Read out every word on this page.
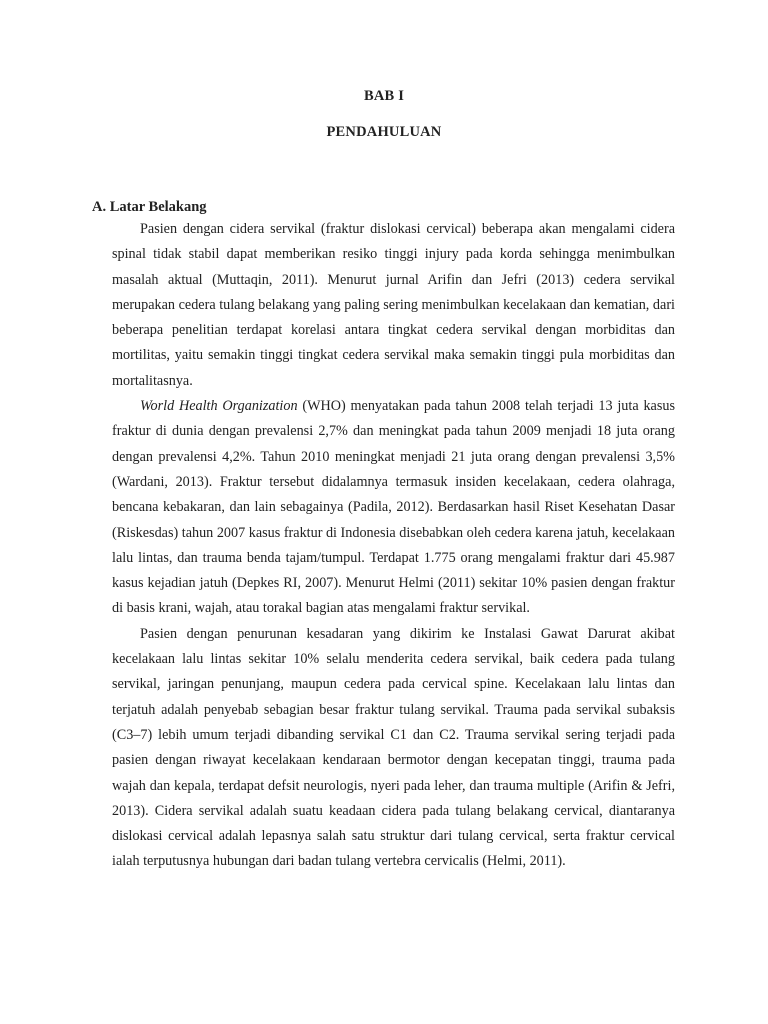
BAB I
PENDAHULUAN
A. Latar Belakang

Pasien dengan cidera servikal (fraktur dislokasi cervical) beberapa akan mengalami cidera spinal tidak stabil dapat memberikan resiko tinggi injury pada korda sehingga menimbulkan masalah aktual (Muttaqin, 2011). Menurut jurnal Arifin dan Jefri (2013) cedera servikal merupakan cedera tulang belakang yang paling sering menimbulkan kecelakaan dan kematian, dari beberapa penelitian terdapat korelasi antara tingkat cedera servikal dengan morbiditas dan mortilitas, yaitu semakin tinggi tingkat cedera servikal maka semakin tinggi pula morbiditas dan mortalitasnya.

World Health Organization (WHO) menyatakan pada tahun 2008 telah terjadi 13 juta kasus fraktur di dunia dengan prevalensi 2,7% dan meningkat pada tahun 2009 menjadi 18 juta orang dengan prevalensi 4,2%. Tahun 2010 meningkat menjadi 21 juta orang dengan prevalensi 3,5% (Wardani, 2013). Fraktur tersebut didalamnya termasuk insiden kecelakaan, cedera olahraga, bencana kebakaran, dan lain sebagainya (Padila, 2012). Berdasarkan hasil Riset Kesehatan Dasar (Riskesdas) tahun 2007 kasus fraktur di Indonesia disebabkan oleh cedera karena jatuh, kecelakaan lalu lintas, dan trauma benda tajam/tumpul. Terdapat 1.775 orang mengalami fraktur dari 45.987 kasus kejadian jatuh (Depkes RI, 2007). Menurut Helmi (2011) sekitar 10% pasien dengan fraktur di basis krani, wajah, atau torakal bagian atas mengalami fraktur servikal.

Pasien dengan penurunan kesadaran yang dikirim ke Instalasi Gawat Darurat akibat kecelakaan lalu lintas sekitar 10% selalu menderita cedera servikal, baik cedera pada tulang servikal, jaringan penunjang, maupun cedera pada cervical spine. Kecelakaan lalu lintas dan terjatuh adalah penyebab sebagian besar fraktur tulang servikal. Trauma pada servikal subaksis (C3–7) lebih umum terjadi dibanding servikal C1 dan C2. Trauma servikal sering terjadi pada pasien dengan riwayat kecelakaan kendaraan bermotor dengan kecepatan tinggi, trauma pada wajah dan kepala, terdapat defsit neurologis, nyeri pada leher, dan trauma multiple (Arifin & Jefri, 2013). Cidera servikal adalah suatu keadaan cidera pada tulang belakang cervical, diantaranya dislokasi cervical adalah lepasnya salah satu struktur dari tulang cervical, serta fraktur cervical ialah terputusnya hubungan dari badan tulang vertebra cervicalis (Helmi, 2011).
